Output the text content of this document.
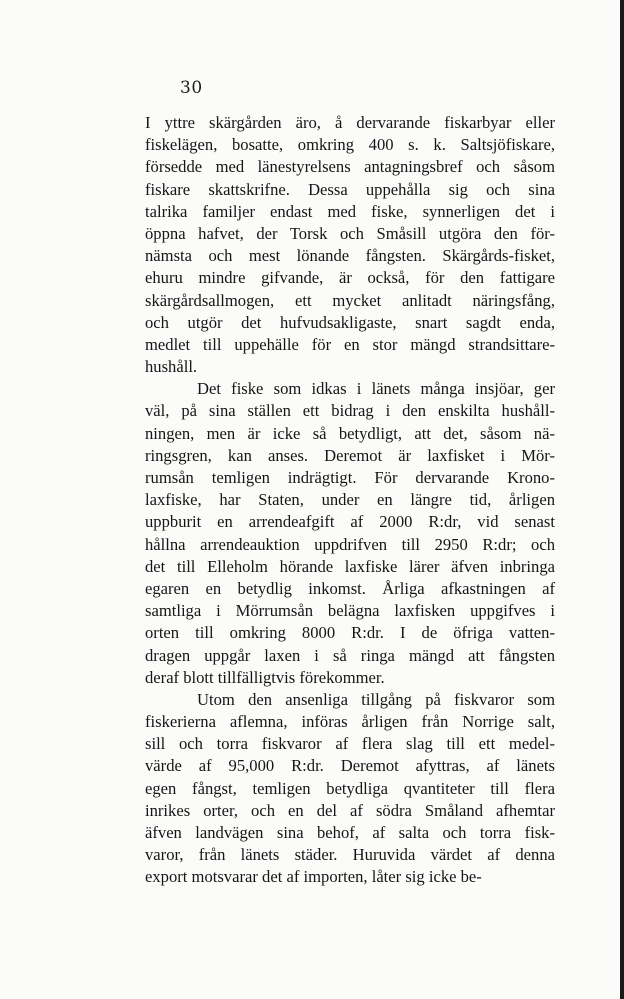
30
I yttre skärgården äro, å dervarande fiskarbyar eller
fiskelägen, bosatte, omkring 400 s. k. Saltsjöfiskare,
försedde med länestyrelsens antagningsbref och såsom
fiskare skattskrifne. Dessa uppehålla sig och sina
talrika familjer endast med fiske, synnerligen det i
öppna hafvet, der Torsk och Småsill utgöra den för-
nämsta och mest lönande fångsten. Skärgårds-fisket,
ehuru mindre gifvande, är också, för den fattigare
skärgårdsallmogen, ett mycket anlitadt näringsfång,
och utgör det hufvudsakligaste, snart sagdt enda,
medlet till uppehälle för en stor mängd strandsittare-
hushåll.
Det fiske som idkas i länets många insjöar, ger
väl, på sina ställen ett bidrag i den enskilta hushåll-
ningen, men är icke så betydligt, att det, såsom nä-
ringsgren, kan anses. Deremot är laxfisket i Mör-
rumsån temligen indrägtigt. För dervarande Krono-
laxfiske, har Staten, under en längre tid, årligen
uppburit en arrendeafgift af 2000 R:dr, vid senast
hållna arrendeauktion uppdrifven till 2950 R:dr; och
det till Elleholm hörande laxfiske lärer äfven inbringa
egaren en betydlig inkomst. Årliga afkastningen af
samtliga i Mörrumsån belägna laxfisken uppgifves i
orten till omkring 8000 R:dr. I de öfriga vatten-
dragen uppgår laxen i så ringa mängd att fångsten
deraf blott tillfälligtvis förekommer.
Utom den ansenliga tillgång på fiskvaror som
fiskerierna aflemna, införas årligen från Norrige salt,
sill och torra fiskvaror af flera slag till ett medel-
värde af 95,000 R:dr. Deremot afyttras, af länets
egen fångst, temligen betydliga qvantiteter till flera
inrikes orter, och en del af södra Småland afhemtar
äfven landvägen sina behof, af salta och torra fisk-
varor, från länets städer. Huruvida värdet af denna
export motsvarar det af importen, låter sig icke be-
